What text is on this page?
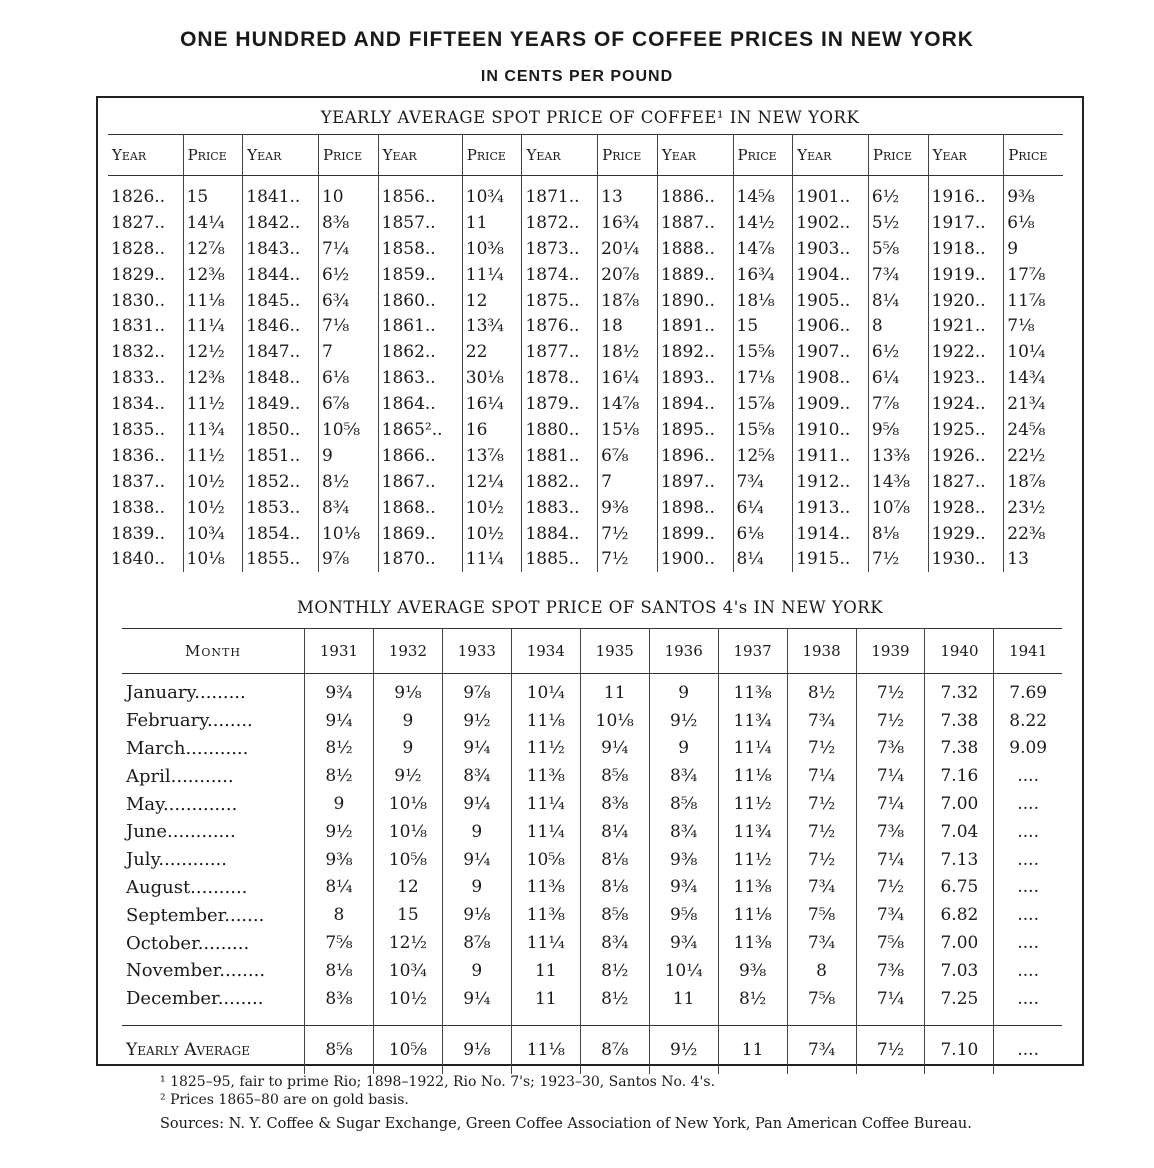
ONE HUNDRED AND FIFTEEN YEARS OF COFFEE PRICES IN NEW YORK
IN CENTS PER POUND
YEARLY AVERAGE SPOT PRICE OF COFFEE¹ IN NEW YORK
Year	Price	Year	Price	Year	Price	Year	Price	Year	Price	Year	Price	Year	Price
1826..	15	1841..	10	1856..	10¾	1871..	13	1886..	14⅝	1901..	6½	1916..	9⅜
1827..	14¼	1842..	8⅜	1857..	11	1872..	16¾	1887..	14½	1902..	5½	1917..	6⅛
1828..	12⅞	1843..	7¼	1858..	10⅜	1873..	20¼	1888..	14⅞	1903..	5⅝	1918..	9
1829..	12⅜	1844..	6½	1859..	11¼	1874..	20⅞	1889..	16¾	1904..	7¾	1919..	17⅞
1830..	11⅛	1845..	6¾	1860..	12	1875..	18⅞	1890..	18⅛	1905..	8¼	1920..	11⅞
1831..	11¼	1846..	7⅛	1861..	13¾	1876..	18	1891..	15	1906..	8	1921..	7⅛
1832..	12½	1847..	7	1862..	22	1877..	18½	1892..	15⅝	1907..	6½	1922..	10¼
1833..	12⅜	1848..	6⅛	1863..	30⅛	1878..	16¼	1893..	17⅛	1908..	6¼	1923..	14¾
1834..	11½	1849..	6⅞	1864..	16¼	1879..	14⅞	1894..	15⅞	1909..	7⅞	1924..	21¾
1835..	11¾	1850..	10⅝	1865²..	16	1880..	15⅛	1895..	15⅝	1910..	9⅝	1925..	24⅝
1836..	11½	1851..	9	1866..	13⅞	1881..	6⅞	1896..	12⅝	1911..	13⅜	1926..	22½
1837..	10½	1852..	8½	1867..	12¼	1882..	7	1897..	7¾	1912..	14⅜	1827..	18⅞
1838..	10½	1853..	8¾	1868..	10½	1883..	9⅜	1898..	6¼	1913..	10⅞	1928..	23½
1839..	10¾	1854..	10⅛	1869..	10½	1884..	7½	1899..	6⅛	1914..	8⅛	1929..	22⅜
1840..	10⅛	1855..	9⅞	1870..	11¼	1885..	7½	1900..	8¼	1915..	7½	1930..	13
MONTHLY AVERAGE SPOT PRICE OF SANTOS 4's IN NEW YORK
Month	1931	1932	1933	1934	1935	1936	1937	1938	1939	1940	1941
January.........	9¾	9⅛	9⅞	10¼	11	9	11⅜	8½	7½	7.32	7.69
February........	9¼	9	9½	11⅛	10⅛	9½	11¾	7¾	7½	7.38	8.22
March...........	8½	9	9¼	11½	9¼	9	11¼	7½	7⅜	7.38	9.09
April...........	8½	9½	8¾	11⅜	8⅝	8¾	11⅛	7¼	7¼	7.16	....
May.............	9	10⅛	9¼	11¼	8⅜	8⅝	11½	7½	7¼	7.00	....
June............	9½	10⅛	9	11¼	8¼	8¾	11¾	7½	7⅜	7.04	....
July............	9⅜	10⅝	9¼	10⅝	8⅛	9⅜	11½	7½	7¼	7.13	....
August..........	8¼	12	9	11⅜	8⅛	9¾	11⅜	7¾	7½	6.75	....
September.......	8	15	9⅛	11⅜	8⅝	9⅝	11⅛	7⅝	7¾	6.82	....
October.........	7⅝	12½	8⅞	11¼	8¾	9¾	11⅜	7¾	7⅝	7.00	....
November........	8⅛	10¾	9	11	8½	10¼	9⅜	8	7⅜	7.03	....
December........	8⅜	10½	9¼	11	8½	11	8½	7⅝	7¼	7.25	....

Yearly Average	8⅝	10⅝	9⅛	11⅛	8⅞	9½	11	7¾	7½	7.10	....
¹ 1825–95, fair to prime Rio; 1898–1922, Rio No. 7's; 1923–30, Santos No. 4's.
² Prices 1865–80 are on gold basis.
Sources: N. Y. Coffee & Sugar Exchange, Green Coffee Association of New York, Pan American Coffee Bureau.
